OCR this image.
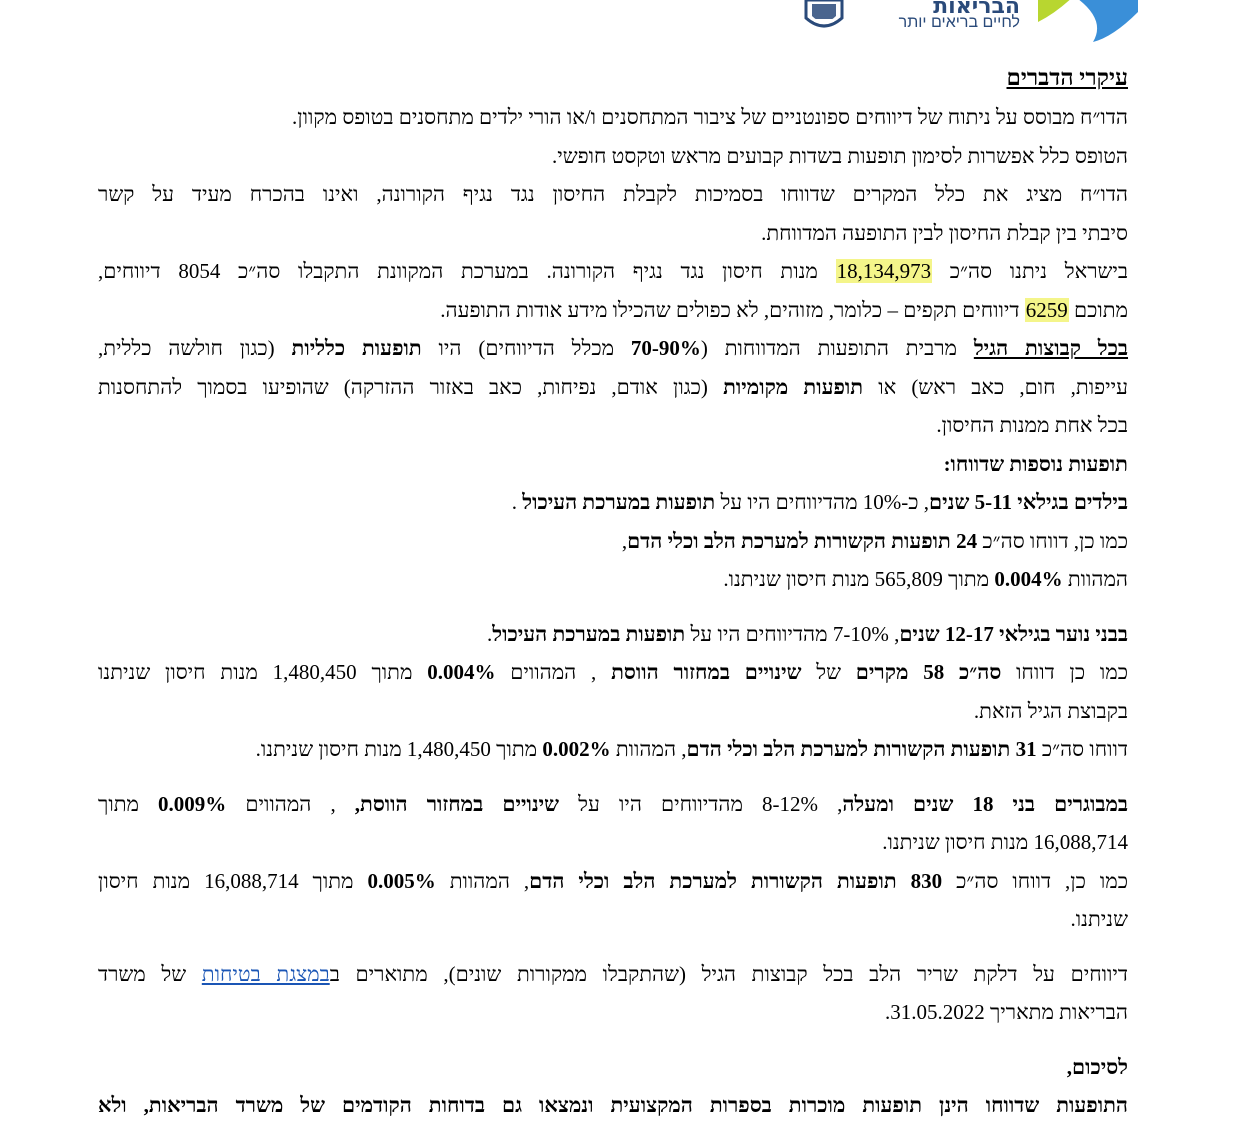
הבריאות
לחיים בריאים יותר
עיקרי הדברים
הדו״ח מבוסס על ניתוח של דיווחים ספונטניים של ציבור המתחסנים ו/או הורי ילדים מתחסנים בטופס מקוון.
הטופס כלל אפשרות לסימון תופעות בשדות קבועים מראש וטקסט חופשי.
הדו״ח מציג את כלל המקרים שדווחו בסמיכות לקבלת החיסון נגד נגיף הקורונה, ואינו בהכרח מעיד על קשר
סיבתי בין קבלת החיסון לבין התופעה המדווחת.
בישראל ניתנו סה״כ 18,134,973 מנות חיסון נגד נגיף הקורונה. במערכת המקוונת התקבלו סה״כ 8054 דיווחים,
מתוכם 6259 דיווחים תקפים – כלומר, מזוהים, לא כפולים שהכילו מידע אודות התופעה.
בכל קבוצות הגיל מרבית התופעות המדווחות (70-90% מכלל הדיווחים) היו תופעות כלליות (כגון חולשה כללית,
עייפות, חום, כאב ראש) או תופעות מקומיות (כגון אודם, נפיחות, כאב באזור ההזרקה) שהופיעו בסמוך להתחסנות
בכל אחת ממנות החיסון.
תופעות נוספות שדווחו:
בילדים בגילאי 5-11 שנים, כ-10% מהדיווחים היו על תופעות במערכת העיכול .
כמו כן, דווחו סה״כ 24 תופעות הקשורות למערכת הלב וכלי הדם,
המהוות 0.004% מתוך 565,809 מנות חיסון שניתנו.
בבני נוער בגילאי 12-17 שנים, 7-10% מהדיווחים היו על תופעות במערכת העיכול.
כמו כן דווחו סה״כ 58 מקרים של שינויים במחזור הווסת , המהווים 0.004% מתוך 1,480,450 מנות חיסון שניתנו
בקבוצת הגיל הזאת.
דווחו סה״כ 31 תופעות הקשורות למערכת הלב וכלי הדם, המהוות 0.002% מתוך 1,480,450 מנות חיסון שניתנו.
במבוגרים בני 18 שנים ומעלה, 8-12% מהדיווחים היו על שינויים במחזור הווסת, , המהווים 0.009% מתוך
16,088,714 מנות חיסון שניתנו.
כמו כן, דווחו סה״כ 830 תופעות הקשורות למערכת הלב וכלי הדם, המהוות 0.005% מתוך 16,088,714 מנות חיסון
שניתנו.
דיווחים על דלקת שריר הלב בכל קבוצות הגיל (שהתקבלו ממקורות שונים), מתוארים בבמצגת בטיחות של משרד
הבריאות מתאריך 31.05.2022.
לסיכום,
התופעות שדווחו הינן תופעות מוכרות בספרות המקצועית ונמצאו גם בדוחות הקודמים של משרד הבריאות, ולא
